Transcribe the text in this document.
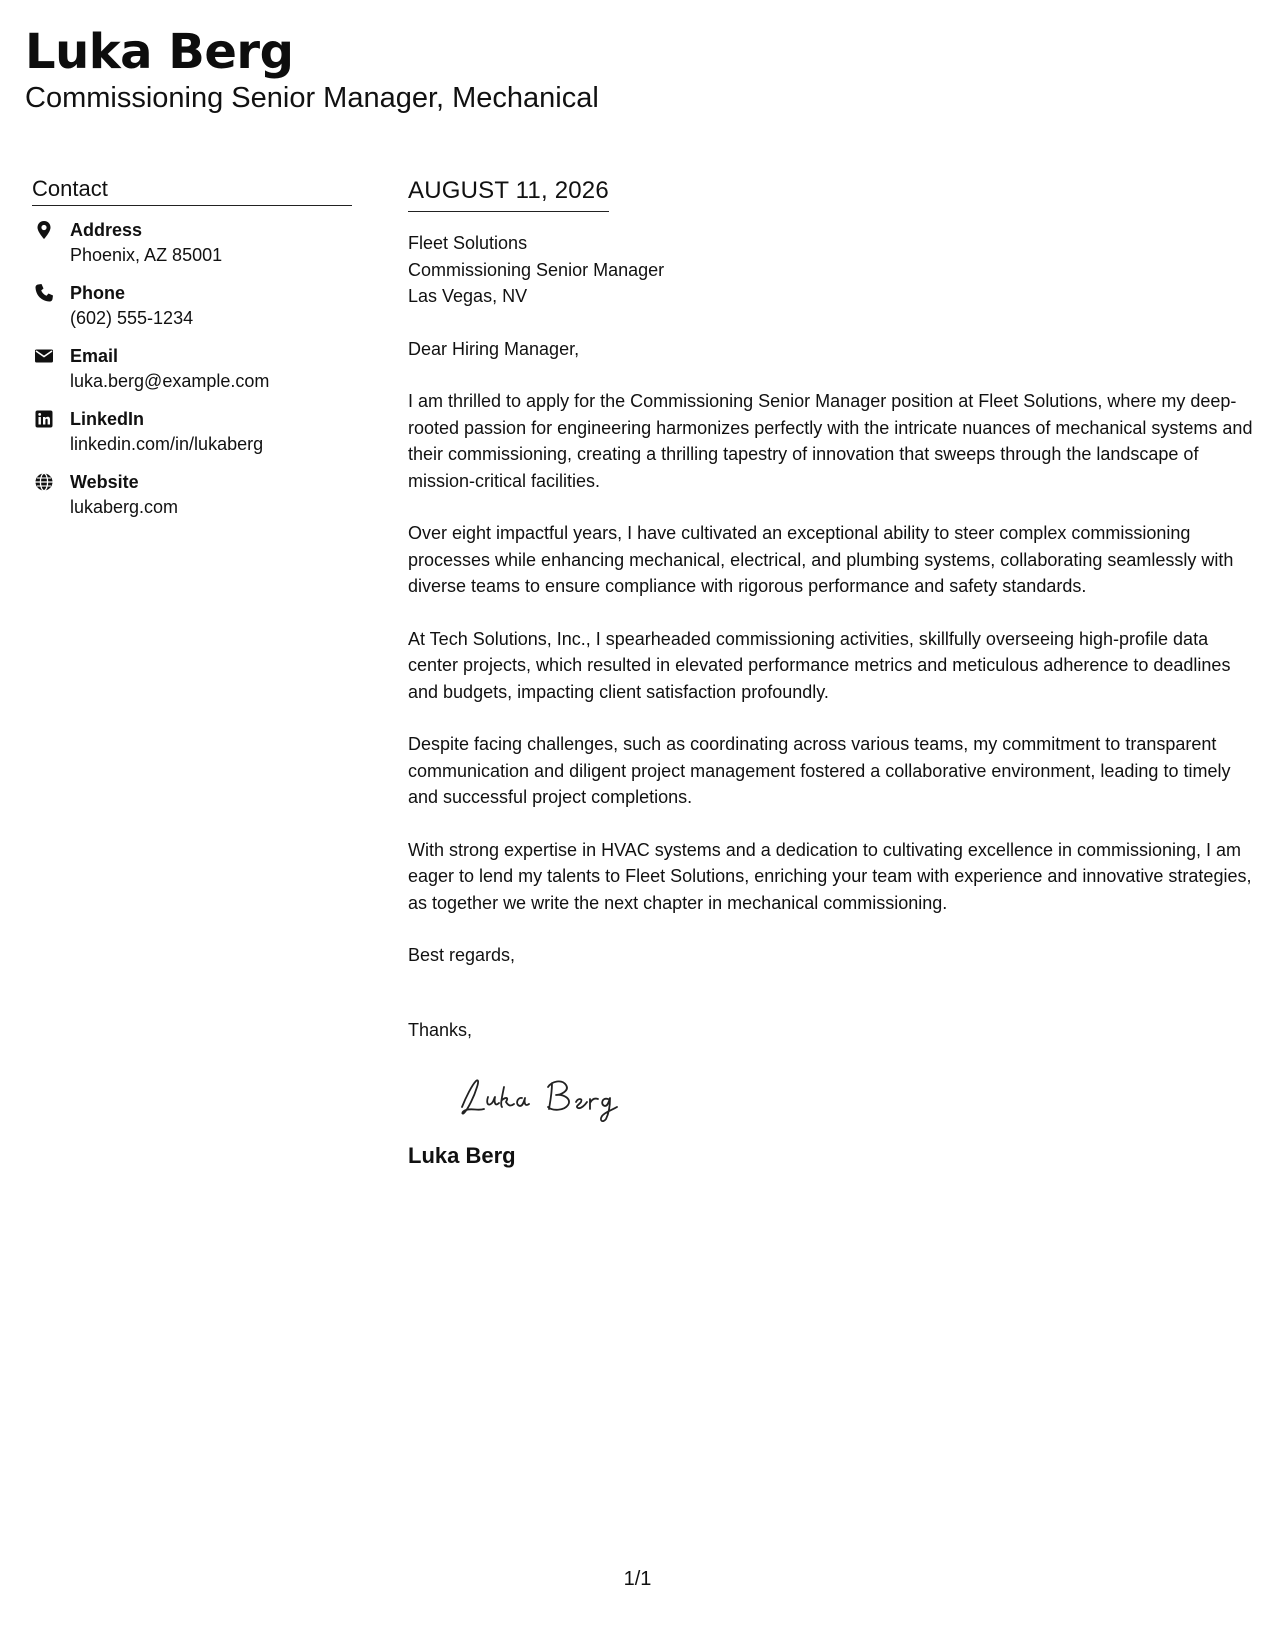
Luka Berg
Commissioning Senior Manager, Mechanical
Contact
Address
Phoenix, AZ 85001
Phone
(602) 555-1234
Email
luka.berg@example.com
LinkedIn
linkedin.com/in/lukaberg
Website
lukaberg.com
AUGUST 11, 2026
Fleet Solutions
Commissioning Senior Manager
Las Vegas, NV

Dear Hiring Manager,

I am thrilled to apply for the Commissioning Senior Manager position at Fleet Solutions, where my deep-rooted passion for engineering harmonizes perfectly with the intricate nuances of mechanical systems and their commissioning, creating a thrilling tapestry of innovation that sweeps through the landscape of mission-critical facilities.

Over eight impactful years, I have cultivated an exceptional ability to steer complex commissioning processes while enhancing mechanical, electrical, and plumbing systems, collaborating seamlessly with diverse teams to ensure compliance with rigorous performance and safety standards.

At Tech Solutions, Inc., I spearheaded commissioning activities, skillfully overseeing high-profile data center projects, which resulted in elevated performance metrics and meticulous adherence to deadlines and budgets, impacting client satisfaction profoundly.

Despite facing challenges, such as coordinating across various teams, my commitment to transparent communication and diligent project management fostered a collaborative environment, leading to timely and successful project completions.

With strong expertise in HVAC systems and a dedication to cultivating excellence in commissioning, I am eager to lend my talents to Fleet Solutions, enriching your team with experience and innovative strategies, as together we write the next chapter in mechanical commissioning.

Best regards,

Thanks,

Luka Berg
1/1
